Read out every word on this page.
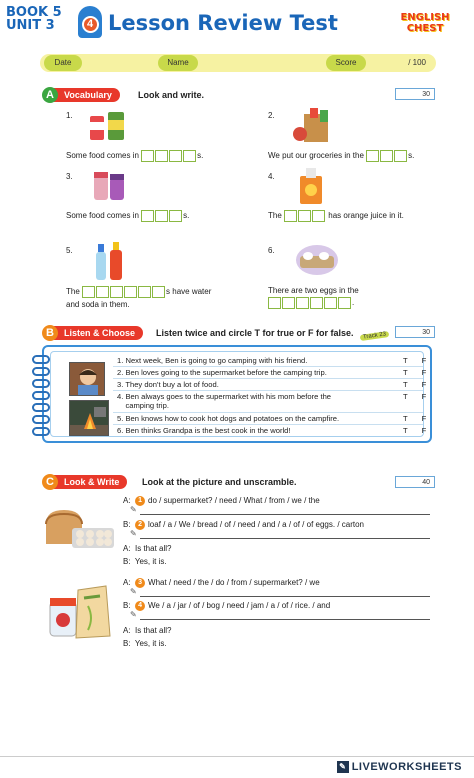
BOOK 5
UNIT 3	4 Lesson Review Test	ENGLISH
CHEST
Date	Name	Score	/ 100
Vocabulary
A	Look and write.	30
1.
Some food comes in	s.
2.
We put our groceries in the	s.
3.
Some food comes in	s.
4.
The	has orange juice in it.
5.
The	s have water
and soda in them.
6.
There are two eggs in the
.
Listen & Choose
B	Listen twice and circle T for true or F for false.	Track 23	30
1. Next week, Ben is going to go camping with his friend.	T F
2. Ben loves going to the supermarket before the camping trip.	T F
3. They don't buy a lot of food.	T F
4. Ben always goes to the supermarket with his mom before the
camping trip.
T F
5. Ben knows how to cook hot dogs and potatoes on the campfire.	T F
6. Ben thinks Grandpa is the best cook in the world!	T F
Look & Write
C	Look at the picture and unscramble.	40
A: 1 do / supermarket? / need / What / from / we / the
✎
B: 2 loaf / a / We / bread / of / need / and / a / of / of eggs. / carton
✎
A: Is that all?
B: Yes, it is.
A: 3 What / need / the / do / from / supermarket? / we
✎
B: 4 We / a / jar / of / bog / need / jam / a / of / rice. / and
✎
A: Is that all?
B: Yes, it is.
✎ LIVEWORKSHEETS
